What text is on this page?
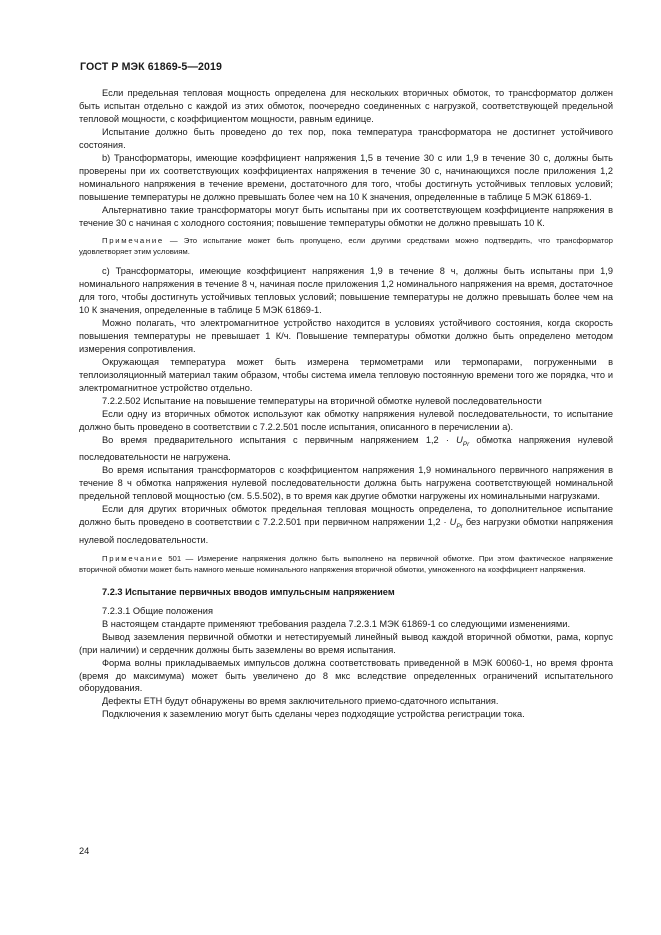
ГОСТ Р МЭК 61869-5—2019

Если предельная тепловая мощность определена для нескольких вторичных обмоток, то трансформатор должен быть испытан отдельно с каждой из этих обмоток, поочередно соединенных с нагрузкой, соответствующей предельной тепловой мощности, с коэффициентом мощности, равным единице.

Испытание должно быть проведено до тех пор, пока температура трансформатора не достигнет устойчивого состояния.

b) Трансформаторы, имеющие коэффициент напряжения 1,5 в течение 30 с или 1,9 в течение 30 с, должны быть проверены при их соответствующих коэффициентах напряжения в течение 30 с, начинающихся после приложения 1,2 номинального напряжения в течение времени, достаточного для того, чтобы достигнуть устойчивых тепловых условий; повышение температуры не должно превышать более чем на 10 К значения, определенные в таблице 5 МЭК 61869-1.

Альтернативно такие трансформаторы могут быть испытаны при их соответствующем коэффициенте напряжения в течение 30 с начиная с холодного состояния; повышение температуры обмотки не должно превышать 10 К.

Примечание — Это испытание может быть пропущено, если другими средствами можно подтвердить, что трансформатор удовлетворяет этим условиям.

с) Трансформаторы, имеющие коэффициент напряжения 1,9 в течение 8 ч, должны быть испытаны при 1,9 номинального напряжения в течение 8 ч, начиная после приложения 1,2 номинального напряжения на время, достаточное для того, чтобы достигнуть устойчивых тепловых условий; повышение температуры не должно превышать более чем на 10 К значения, определенные в таблице 5 МЭК 61869-1.

Можно полагать, что электромагнитное устройство находится в условиях устойчивого состояния, когда скорость повышения температуры не превышает 1 К/ч. Повышение температуры обмотки должно быть определено методом измерения сопротивления.

Окружающая температура может быть измерена термометрами или термопарами, погруженными в теплоизоляционный материал таким образом, чтобы система имела тепловую постоянную времени того же порядка, что и электромагнитное устройство отдельно.

7.2.2.502 Испытание на повышение температуры на вторичной обмотке нулевой последовательности

Если одну из вторичных обмоток используют как обмотку напряжения нулевой последовательности, то испытание должно быть проведено в соответствии с 7.2.2.501 после испытания, описанного в перечислении а).

Во время предварительного испытания с первичным напряжением $1,2 \cdot U_{Pr}$ обмотка напряжения нулевой последовательности не нагружена.

Во время испытания трансформаторов с коэффициентом напряжения 1,9 номинального первичного напряжения в течение 8 ч обмотка напряжения нулевой последовательности должна быть нагружена соответствующей номинальной предельной тепловой мощностью (см. 5.5.502), в то время как другие обмотки нагружены их номинальными нагрузками.

Если для других вторичных обмоток предельная тепловая мощность определена, то дополнительное испытание должно быть проведено в соответствии с 7.2.2.501 при первичном напряжении $1,2 \cdot U_{Pr}$ без нагрузки обмотки напряжения нулевой последовательности.

Примечание 501 — Измерение напряжения должно быть выполнено на первичной обмотке. При этом фактическое напряжение вторичной обмотки может быть намного меньше номинального напряжения вторичной обмотки, умноженного на коэффициент напряжения.

7.2.3 Испытание первичных вводов импульсным напряжением

7.2.3.1 Общие положения

В настоящем стандарте применяют требования раздела 7.2.3.1 МЭК 61869-1 со следующими изменениями.

Вывод заземления первичной обмотки и нетестируемый линейный вывод каждой вторичной обмотки, рама, корпус (при наличии) и сердечник должны быть заземлены во время испытания.

Форма волны прикладываемых импульсов должна соответствовать приведенной в МЭК 60060-1, но время фронта (время до максимума) может быть увеличено до 8 мкс вследствие определенных ограничений испытательного оборудования.

Дефекты ЕТН будут обнаружены во время заключительного приемо-сдаточного испытания.

Подключения к заземлению могут быть сделаны через подходящие устройства регистрации тока.

24
